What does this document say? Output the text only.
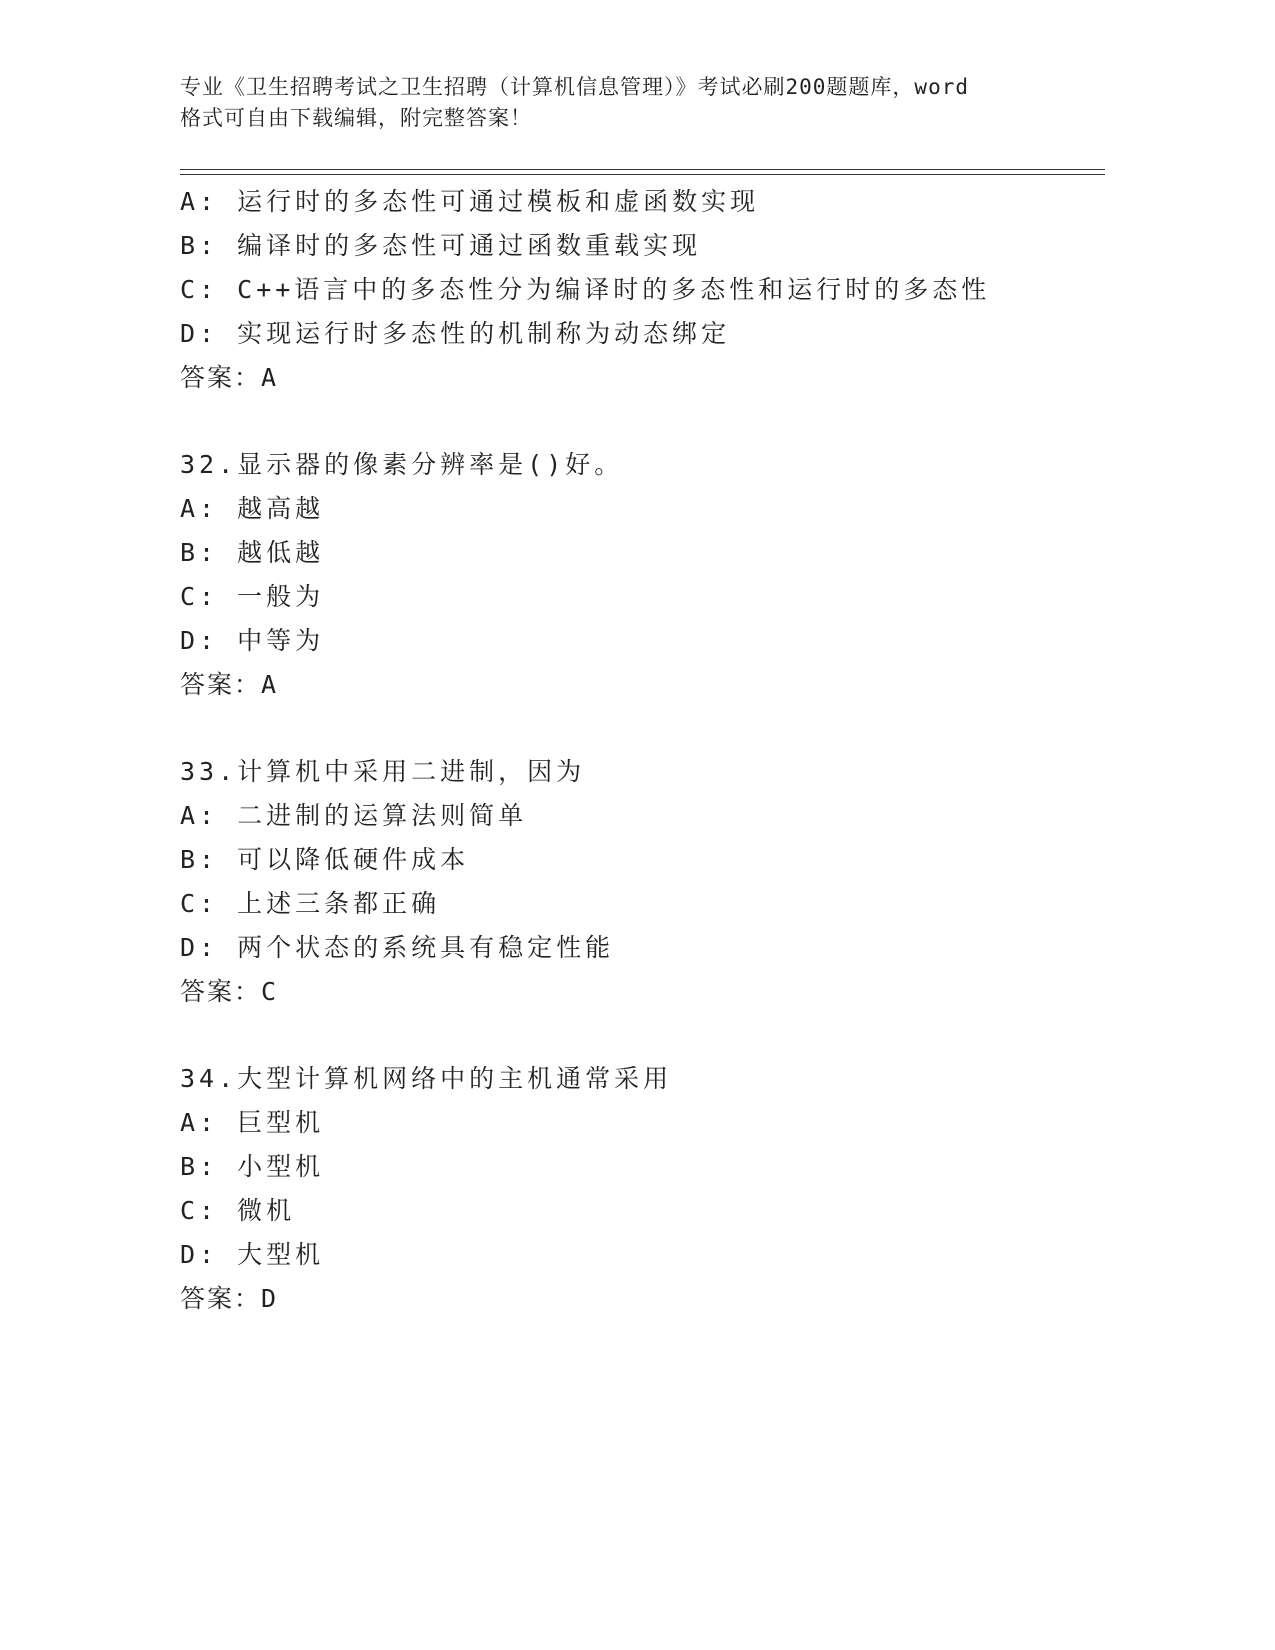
专业《卫生招聘考试之卫生招聘（计算机信息管理）》考试必刷200题题库，word
格式可自由下载编辑，附完整答案！
A: 运行时的多态性可通过模板和虚函数实现
B: 编译时的多态性可通过函数重载实现
C: C++语言中的多态性分为编译时的多态性和运行时的多态性
D: 实现运行时多态性的机制称为动态绑定
答案：A
32.显示器的像素分辨率是()好。
A: 越高越
B: 越低越
C: 一般为
D: 中等为
答案：A
33.计算机中采用二进制，因为
A: 二进制的运算法则简单
B: 可以降低硬件成本
C: 上述三条都正确
D: 两个状态的系统具有稳定性能
答案：C
34.大型计算机网络中的主机通常采用
A: 巨型机
B: 小型机
C: 微机
D: 大型机
答案：D
